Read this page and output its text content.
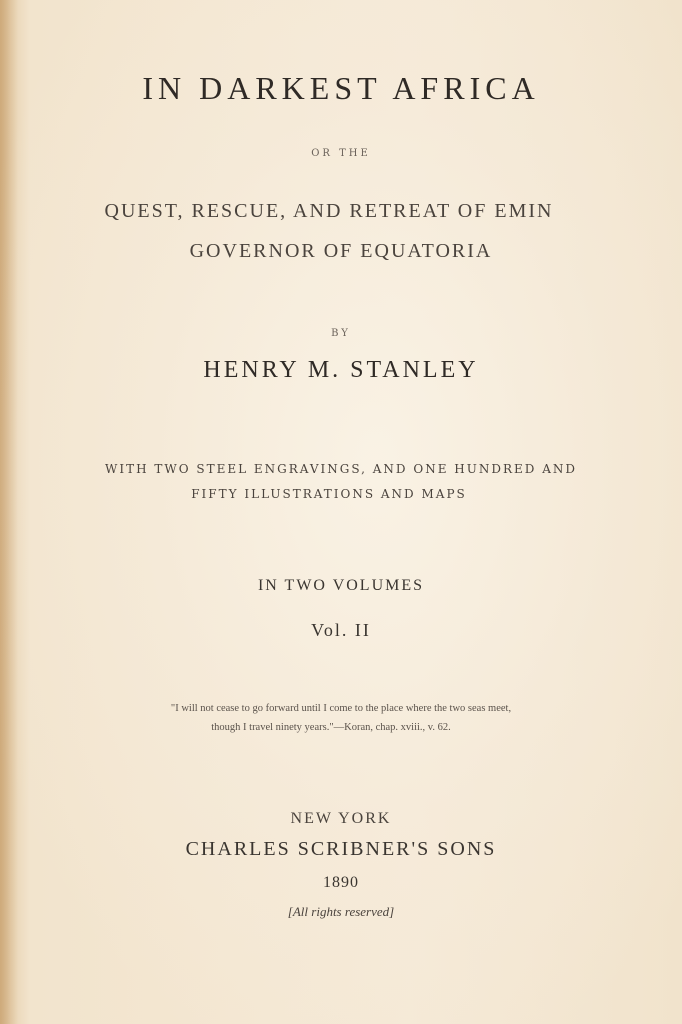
IN DARKEST AFRICA
OR THE
QUEST, RESCUE, AND RETREAT OF EMIN
GOVERNOR OF EQUATORIA
BY
HENRY M. STANLEY
WITH TWO STEEL ENGRAVINGS, AND ONE HUNDRED AND
FIFTY ILLUSTRATIONS AND MAPS
IN TWO VOLUMES
Vol. II
"I will not cease to go forward until I come to the place where the two seas meet,
though I travel ninety years."—Koran, chap. xviii., v. 62.
NEW YORK
CHARLES SCRIBNER'S SONS
1890
[All rights reserved]
